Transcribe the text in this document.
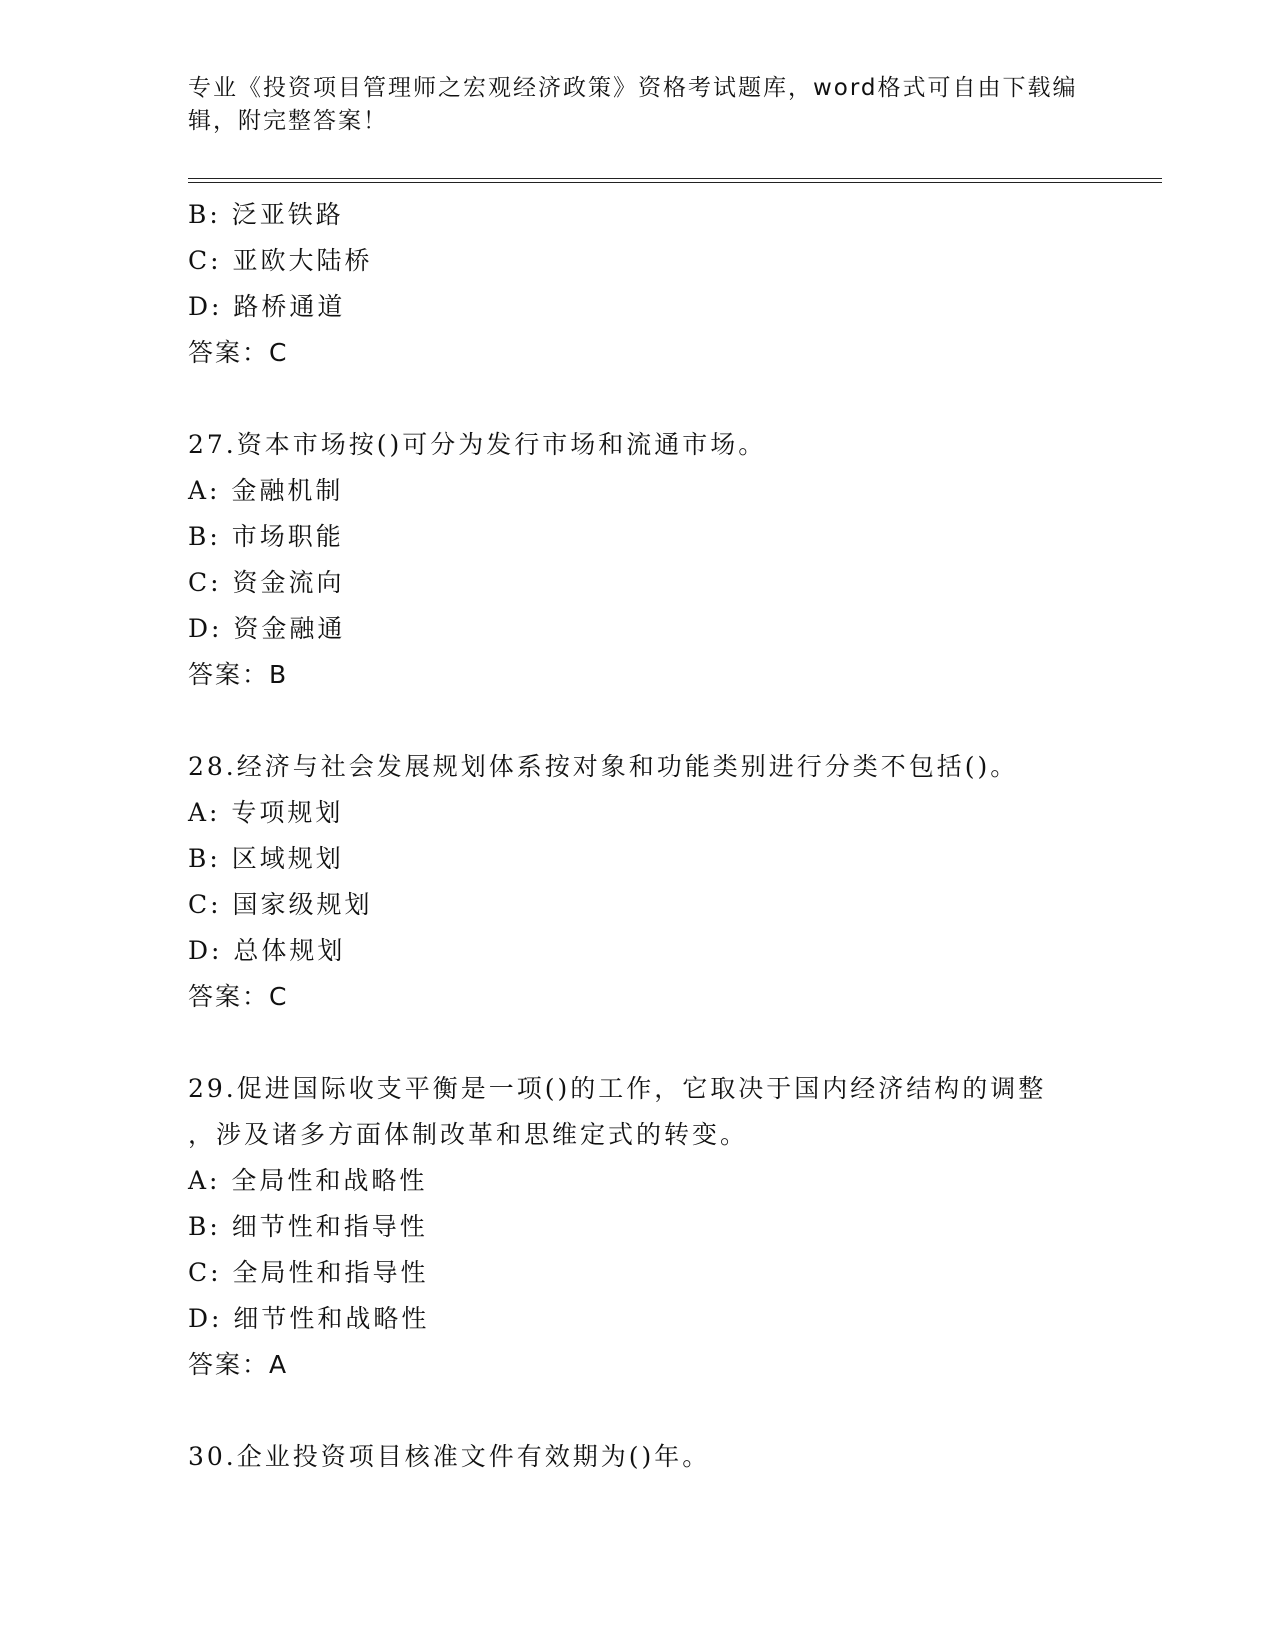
专业《投资项目管理师之宏观经济政策》资格考试题库，word格式可自由下载编
辑，附完整答案！
B: 泛亚铁路
C: 亚欧大陆桥
D: 路桥通道
答案：C
27.资本市场按()可分为发行市场和流通市场。
A: 金融机制
B: 市场职能
C: 资金流向
D: 资金融通
答案：B
28.经济与社会发展规划体系按对象和功能类别进行分类不包括()。
A: 专项规划
B: 区域规划
C: 国家级规划
D: 总体规划
答案：C
29.促进国际收支平衡是一项()的工作，它取决于国内经济结构的调整
，涉及诸多方面体制改革和思维定式的转变。
A: 全局性和战略性
B: 细节性和指导性
C: 全局性和指导性
D: 细节性和战略性
答案：A
30.企业投资项目核准文件有效期为()年。
